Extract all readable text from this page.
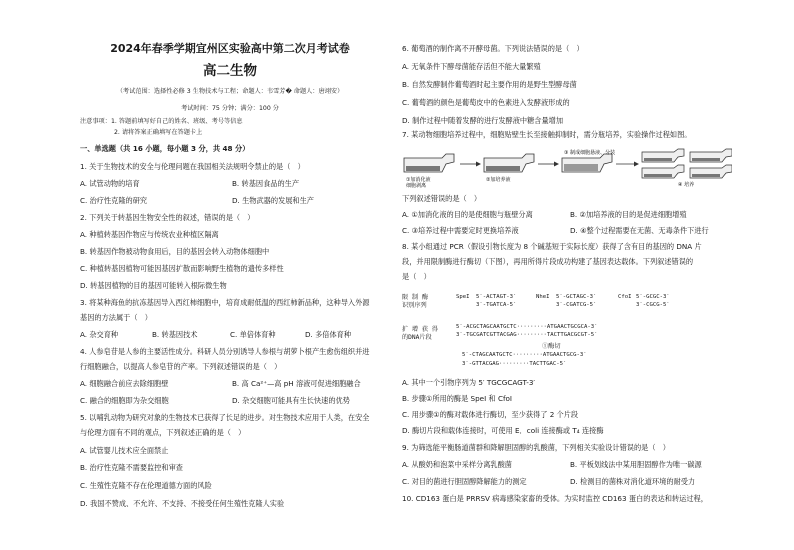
2024年春季学期宜州区实验高中第二次月考试卷
高二生物
（考试范围：选择性必修 3 生物技术与工程；命题人：韦雪芳� 命题人：唐翊安）
考试时间：75 分钟；满分：100 分
注意事项：1. 答题前填写好自己的姓名、班级、考号等信息
2. 请将答案正确填写在答题卡上
一、单选题（共 16 小题，每小题 3 分，共 48 分）
1. 关于生物技术的安全与伦理问题在我国相关法规明令禁止的是（　）
A. 试管动物的培育	B. 转基因食品的生产
C. 治疗性克隆的研究	D. 生物武器的发展和生产
2. 下列关于转基因生物安全性的叙述，错误的是（　）
A. 种植转基因作物应与传统农业种植区隔离
B. 转基因作物被动物食用后，目的基因会转入动物体细胞中
C. 种植转基因植物可能因基因扩散而影响野生植物的遗传多样性
D. 转基因植物的目的基因可能转入根际微生物
3. 将某种海鱼的抗冻基因导入西红柿细胞中，培育成耐低温的西红柿新品种，这种导入外源
基因的方法属于（　）
A. 杂交育种	B. 转基因技术	C. 单倍体育种	D. 多倍体育种
4. 人参皂苷是人参的主要活性成分。科研人员分别诱导人参根与胡萝卜根产生愈伤组织并进
行细胞融合，以提高人参皂苷的产率。下列叙述错误的是（　）
A. 细胞融合前应去除细胞壁	B. 高 Ca²⁺—高 pH 溶液可促进细胞融合
C. 融合的细胞即为杂交细胞	D. 杂交细胞可能具有生长快速的优势
5. 以哺乳动物为研究对象的生物技术已获得了长足的进步。对生物技术应用于人类，在安全
与伦理方面有不同的观点，下列叙述正确的是（　）
A. 试管婴儿技术应全面禁止
B. 治疗性克隆不需要监控和审查
C. 生殖性克隆不存在伦理道德方面的风险
D. 我国不赞成、不允许、不支持、不接受任何生殖性克隆人实验
6. 葡萄酒的制作离不开酵母菌。下列说法错误的是（　）
A. 无氧条件下酵母菌能存活但不能大量繁殖
B. 自然发酵制作葡萄酒时起主要作用的是野生型酵母菌
C. 葡萄酒的颜色是葡萄皮中的色素进入发酵液形成的
D. 制作过程中随着发酵的进行发酵液中糖含量增加
7. 某动物细胞培养过程中，细胞贴壁生长至接触抑制时，需分瓶培养，实验操作过程如图。
①加消化液
细胞剥离
②加培养液
③ 制成细胞悬液、分装
④ 培养
下列叙述错误的是（　）
A. ①加消化液的目的是使细胞与瓶壁分离	B. ②加培养液的目的是促进细胞增殖
C. ③培养过程中需要定时更换培养液	D. ④整个过程需要在无菌、无毒条件下进行
8. 某小组通过 PCR（假设引物长度为 8 个碱基短于实际长度）获得了含有目的基因的 DNA 片
段，并用限制酶进行酶切（下图），再用所得片段成功构建了基因表达载体。下列叙述错误的
是（　）
限 制 酶
识别序列
SpeI 5′-ACTAGT-3′
3′-TGATCA-5′
NheI 5′-GCTAGC-3′
3′-CGATCG-5′
CfoI 5′-GCGC-3′
3′-CGCG-5′
扩 增 获 得
的DNA片段
5′-ACGCTAGCAATGCTC·········ATGAACTGCGCA-3′
3′-TGCGATCGTTACGAG·········TACTTGACGCGT-5′
①酶切
5′-CTAGCAATGCTC·········ATGAACTGCG-3′
3′-GTTACGAG·········TACTTGAC-5′
A. 其中一个引物序列为 5′ TGCGCAGT-3′
B. 步骤①所用的酶是 SpeI 和 CfoI
C. 用步骤①的酶对载体进行酶切，至少获得了 2 个片段
D. 酶切片段和载体连接时，可使用 E．coli 连接酶或 T₄ 连接酶
9. 为筛选能平衡肠道菌群和降解胆固醇的乳酸菌，下列相关实验设计错误的是（　）
A. 从酸奶和泡菜中采样分离乳酸菌	B. 平板划线法中某用胆固醇作为唯一碳源
C. 对目的菌进行胆固醇降解能力的测定	D. 检测目的菌株对消化道环境的耐受力
10. CD163 蛋白是 PRRSV 病毒感染家畜的受体。为实时监控 CD163 蛋白的表达和转运过程，
